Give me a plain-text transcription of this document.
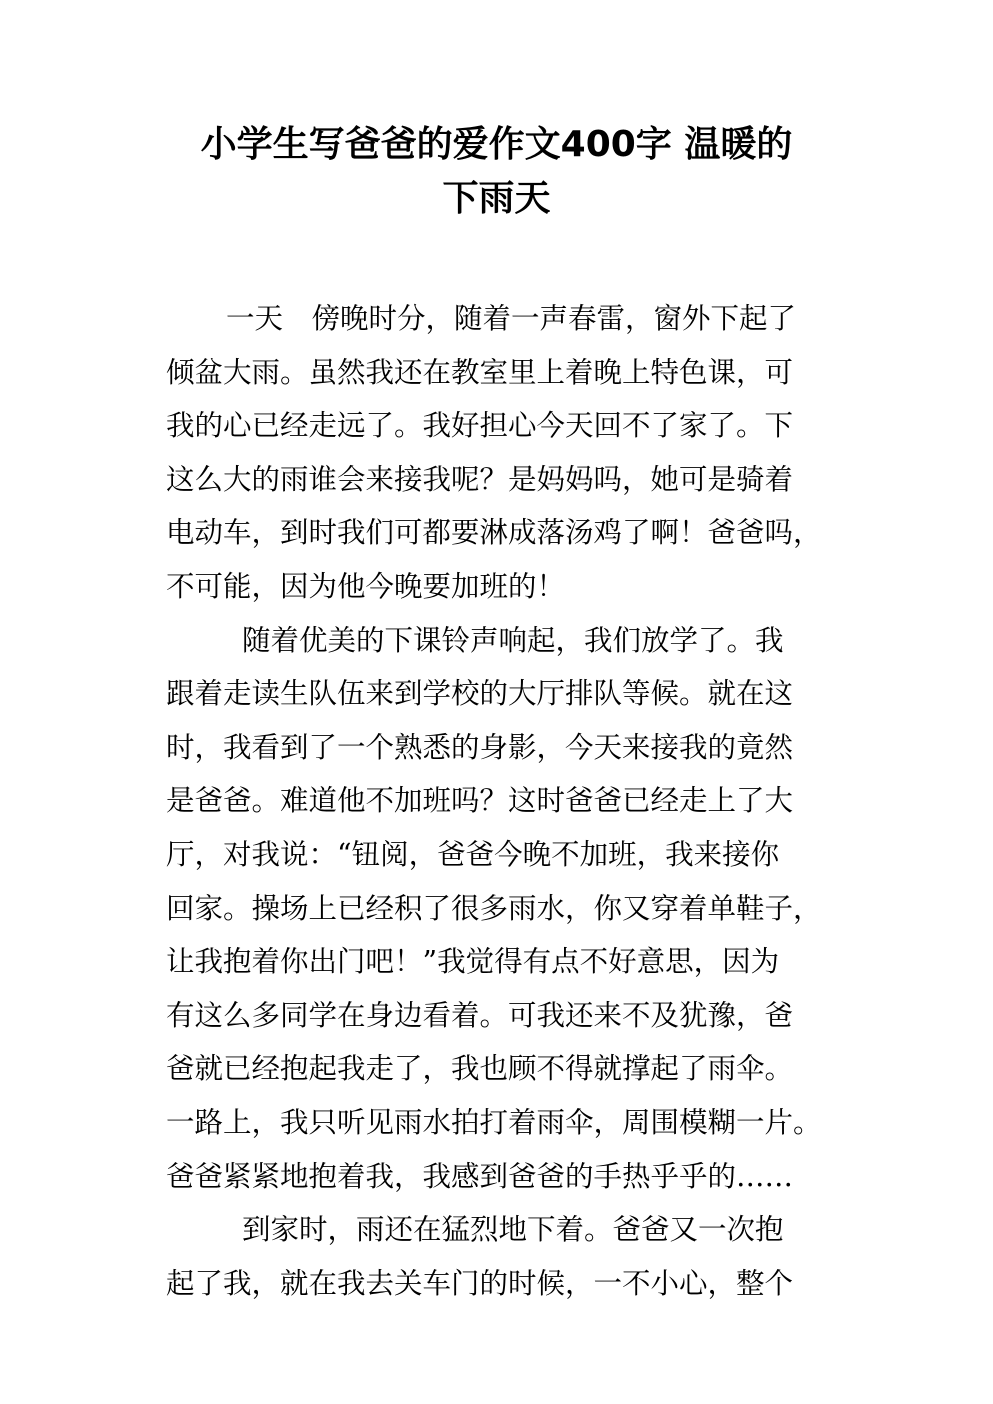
小学生写爸爸的爱作文400字 温暖的
下雨天
一天　傍晚时分，随着一声春雷，窗外下起了
倾盆大雨。虽然我还在教室里上着晚上特色课，可
我的心已经走远了。我好担心今天回不了家了。下
这么大的雨谁会来接我呢？是妈妈吗，她可是骑着
电动车，到时我们可都要淋成落汤鸡了啊！爸爸吗，
不可能，因为他今晚要加班的！
随着优美的下课铃声响起，我们放学了。我
跟着走读生队伍来到学校的大厅排队等候。就在这
时，我看到了一个熟悉的身影，今天来接我的竟然
是爸爸。难道他不加班吗？这时爸爸已经走上了大
厅，对我说：“钮阅，爸爸今晚不加班，我来接你
回家。操场上已经积了很多雨水，你又穿着单鞋子，
让我抱着你出门吧！”我觉得有点不好意思，因为
有这么多同学在身边看着。可我还来不及犹豫，爸
爸就已经抱起我走了，我也顾不得就撑起了雨伞。
一路上，我只听见雨水拍打着雨伞，周围模糊一片。
爸爸紧紧地抱着我，我感到爸爸的手热乎乎的……
到家时，雨还在猛烈地下着。爸爸又一次抱
起了我，就在我去关车门的时候，一不小心，整个
